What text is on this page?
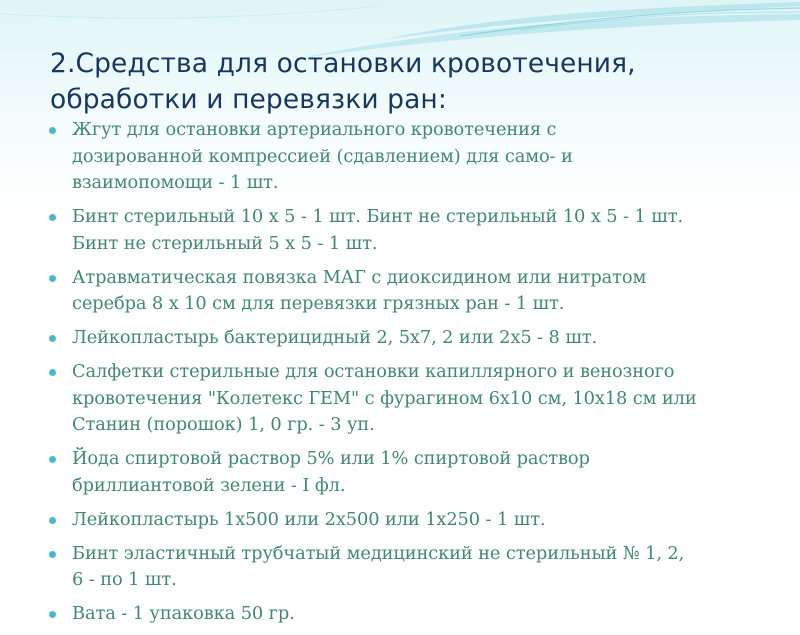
2.Средства для остановки кровотечения,
обработки и перевязки ран:
Жгут для остановки артериального кровотечения с
дозированной компрессией (сдавлением) для само- и
взаимопомощи - 1 шт.
Бинт стерильный 10 х 5 - 1 шт. Бинт не стерильный 10 х 5 - 1 шт.
Бинт не стерильный 5 х 5 - 1 шт.
Атравматическая повязка МАГ с диоксидином или нитратом
серебра 8 х 10 см для перевязки грязных ран - 1 шт.
Лейкопластырь бактерицидный 2, 5х7, 2 или 2х5 - 8 шт.
Салфетки стерильные для остановки капиллярного и венозного
кровотечения "Колетекс ГЕМ" с фурагином 6х10 см, 10х18 см или
Станин (порошок) 1, 0 гр. - 3 уп.
Йода спиртовой раствор 5% или 1% спиртовой раствор
бриллиантовой зелени - I фл.
Лейкопластырь 1х500 или 2х500 или 1х250 - 1 шт.
Бинт эластичный трубчатый медицинский не стерильный № 1, 2,
6 - по 1 шт.
Вата - 1 упаковка 50 гр.
